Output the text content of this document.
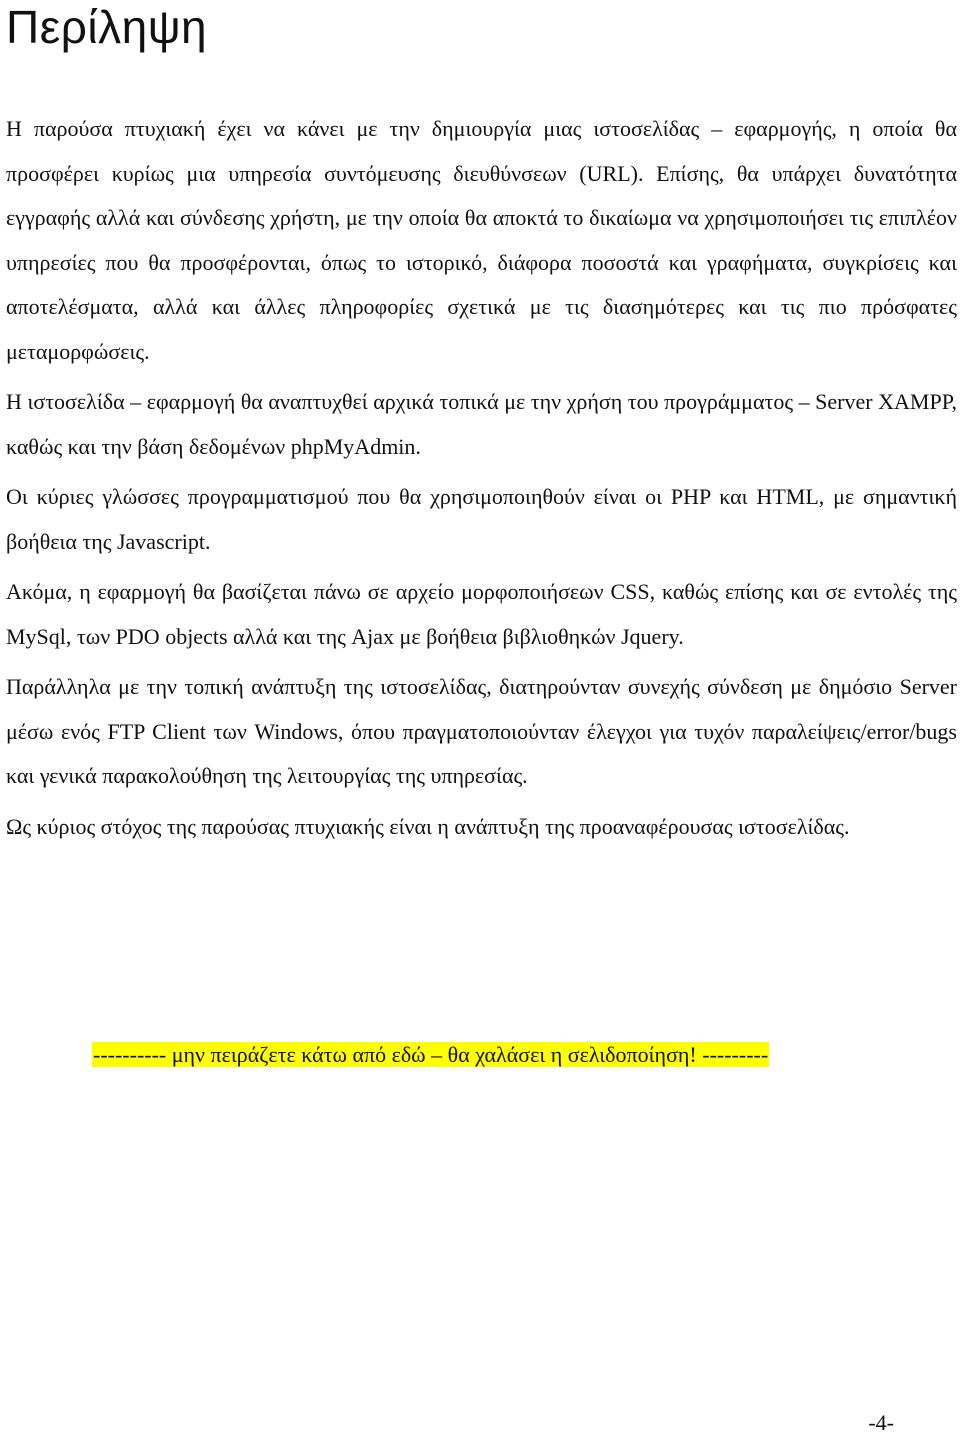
Περίληψη

Η παρούσα πτυχιακή έχει να κάνει με την δημιουργία μιας ιστοσελίδας – εφαρμογής, η οποία θα προσφέρει κυρίως μια υπηρεσία συντόμευσης διευθύνσεων (URL). Επίσης, θα υπάρχει δυνατότητα εγγραφής αλλά και σύνδεσης χρήστη, με την οποία θα αποκτά το δικαίωμα να χρησιμοποιήσει τις επιπλέον υπηρεσίες που θα προσφέρονται, όπως το ιστορικό, διάφορα ποσοστά και γραφήματα, συγκρίσεις και αποτελέσματα, αλλά και άλλες πληροφορίες σχετικά με τις διασημότερες και τις πιο πρόσφατες μεταμορφώσεις.

Η ιστοσελίδα – εφαρμογή θα αναπτυχθεί αρχικά τοπικά με την χρήση του προγράμματος – Server XAMPP, καθώς και την βάση δεδομένων phpMyAdmin.

Οι κύριες γλώσσες προγραμματισμού που θα χρησιμοποιηθούν είναι οι PHP και HTML, με σημαντική βοήθεια της Javascript.

Ακόμα, η εφαρμογή θα βασίζεται πάνω σε αρχείο μορφοποιήσεων CSS, καθώς επίσης και σε εντολές της MySql, των PDO objects αλλά και της Ajax με βοήθεια βιβλιοθηκών Jquery.

Παράλληλα με την τοπική ανάπτυξη της ιστοσελίδας, διατηρούνταν συνεχής σύνδεση με δημόσιο Server μέσω ενός FTP Client των Windows, όπου πραγματοποιούνταν έλεγχοι για τυχόν παραλείψεις/error/bugs και γενικά παρακολούθηση της λειτουργίας της υπηρεσίας.

Ως κύριος στόχος της παρούσας πτυχιακής είναι η ανάπτυξη της προαναφέρουσας ιστοσελίδας.

---------- μην πειράζετε κάτω από εδώ – θα χαλάσει η σελιδοποίηση! ---------
-4-
